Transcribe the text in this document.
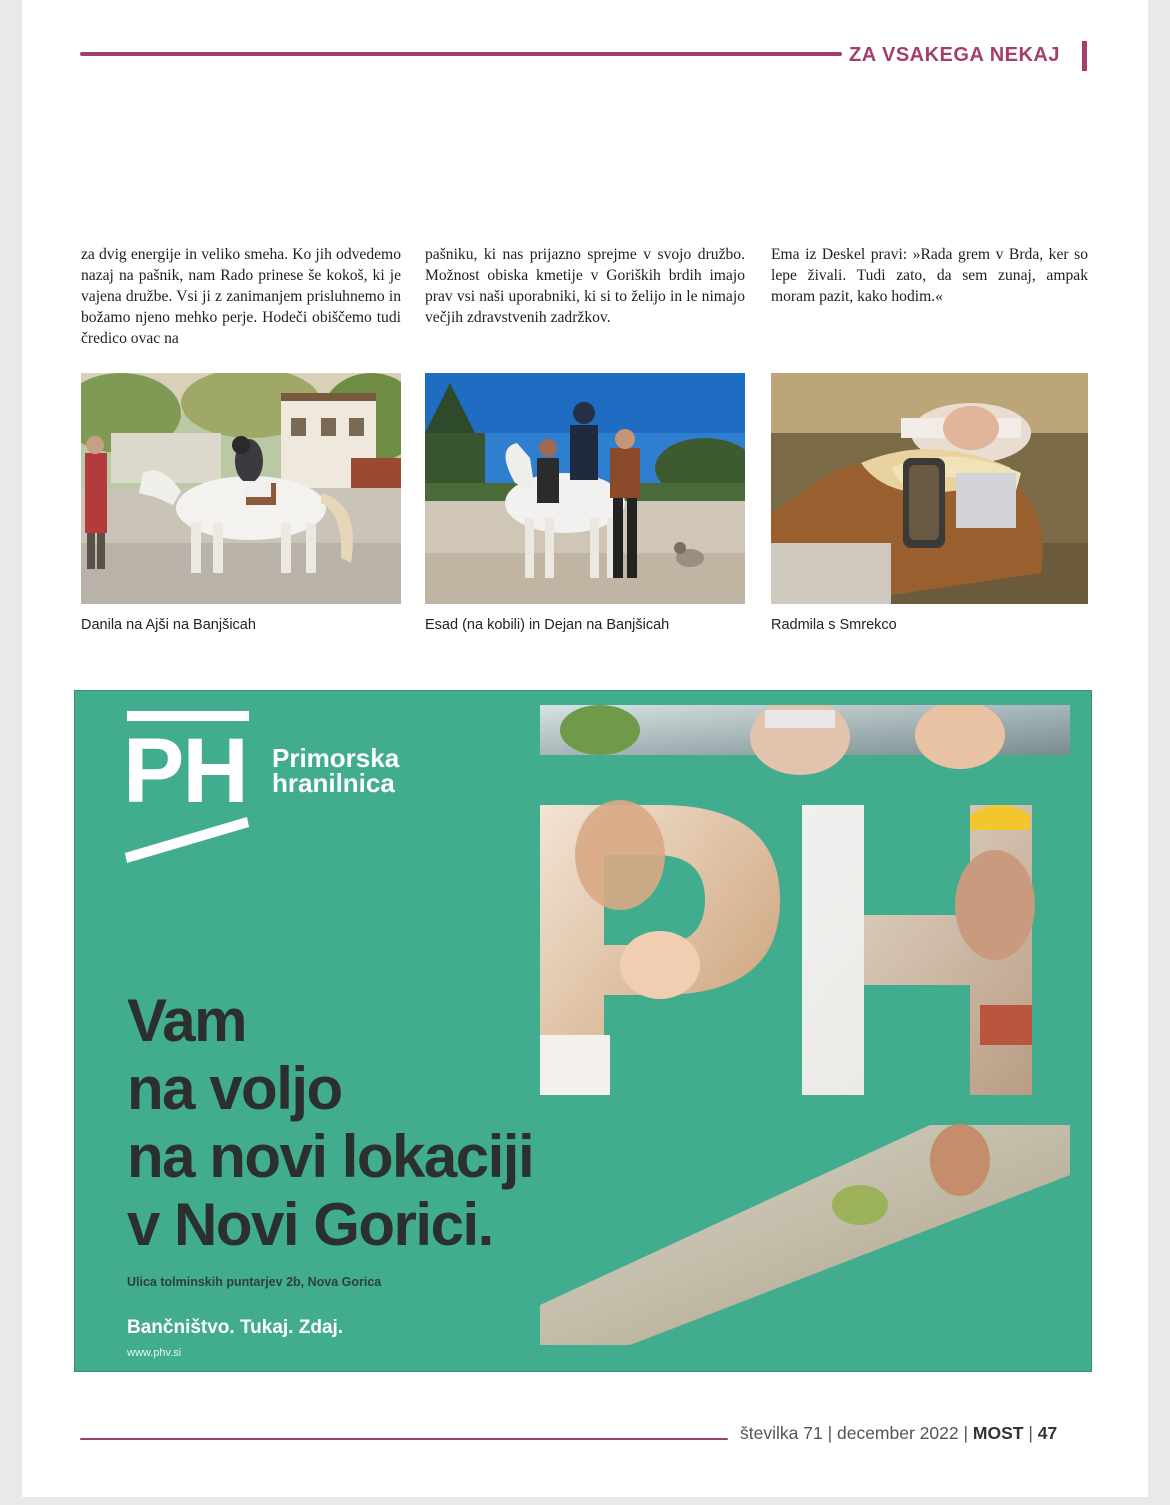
ZA VSAKEGA NEKAJ
za dvig energije in veliko smeha. Ko jih odvedemo nazaj na pašnik, nam Rado prinese še kokoš, ki je vajena družbe. Vsi ji z zanimanjem prisluhnemo in božamo njeno mehko perje. Hodeči obiščemo tudi čredico ovac na
pašniku, ki nas prijazno sprejme v svojo družbo. Možnost obiska kmetije v Goriških brdih imajo prav vsi naši uporabniki, ki si to želijo in le nimajo večjih zdravstvenih zadržkov.
Ema iz Deskel pravi: »Rada grem v Brda, ker so lepe živali. Tudi zato, da sem zunaj, ampak moram pazit, kako hodim.«
Danila na Ajši na Banjšicah	Esad (na kobili) in Dejan na Banjšicah	Radmila s Smrekco
PH Primorska
hranilnica
Vam
na voljo
na novi lokaciji
v Novi Gorici.
Ulica tolminskih puntarjev 2b, Nova Gorica
Bančništvo. Tukaj. Zdaj.
www.phv.si
številka 71 | december 2022 | MOST | 47
